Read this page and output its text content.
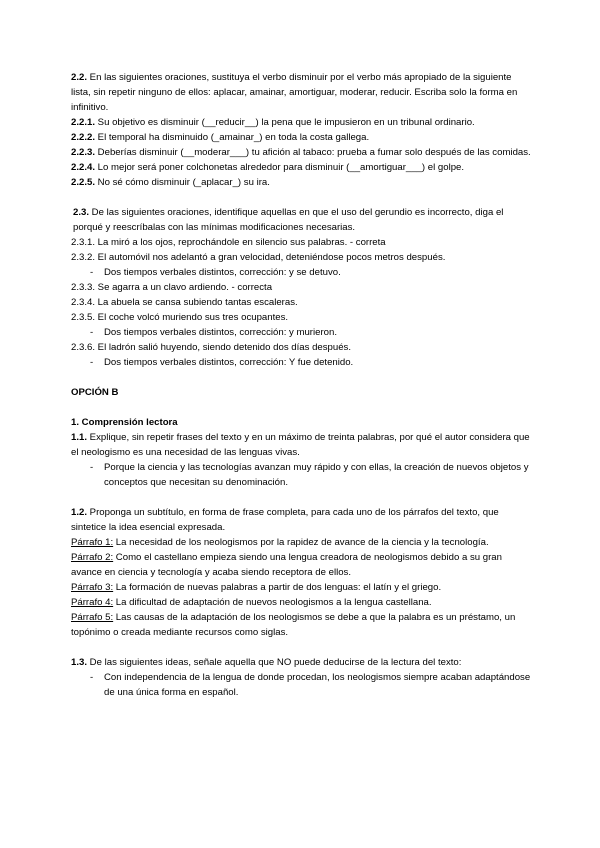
2.2. En las siguientes oraciones, sustituya el verbo disminuir por el verbo más apropiado de la siguiente lista, sin repetir ninguno de ellos: aplacar, amainar, amortiguar, moderar, reducir. Escriba solo la forma en infinitivo.

2.2.1. Su objetivo es disminuir (__reducir__) la pena que le impusieron en un tribunal ordinario.

2.2.2. El temporal ha disminuido (_amainar_) en toda la costa gallega.

2.2.3. Deberías disminuir (__moderar___) tu afición al tabaco: prueba a fumar solo después de las comidas.

2.2.4. Lo mejor será poner colchonetas alrededor para disminuir (__amortiguar___) el golpe.

2.2.5. No sé cómo disminuir (_aplacar_) su ira.

2.3. De las siguientes oraciones, identifique aquellas en que el uso del gerundio es incorrecto, diga el porqué y reescríbalas con las mínimas modificaciones necesarias.

2.3.1. La miró a los ojos, reprochándole en silencio sus palabras. - correta

2.3.2. El automóvil nos adelantó a gran velocidad, deteniéndose pocos metros después.

- Dos tiempos verbales distintos, corrección: y se detuvo.

2.3.3. Se agarra a un clavo ardiendo. - correcta

2.3.4. La abuela se cansa subiendo tantas escaleras.

2.3.5. El coche volcó muriendo sus tres ocupantes.

- Dos tiempos verbales distintos, corrección: y murieron.

2.3.6. El ladrón salió huyendo, siendo detenido dos días después.

- Dos tiempos verbales distintos, corrección: Y fue detenido.

OPCIÓN B

1. Comprensión lectora

1.1. Explique, sin repetir frases del texto y en un máximo de treinta palabras, por qué el autor considera que el neologismo es una necesidad de las lenguas vivas.

- Porque la ciencia y las tecnologías avanzan muy rápido y con ellas, la creación de nuevos objetos y conceptos que necesitan su denominación.

1.2. Proponga un subtítulo, en forma de frase completa, para cada uno de los párrafos del texto, que sintetice la idea esencial expresada.

Párrafo 1: La necesidad de los neologismos por la rapidez de avance de la ciencia y la tecnología.

Párrafo 2: Como el castellano empieza siendo una lengua creadora de neologismos debido a su gran avance en ciencia y tecnología y acaba siendo receptora de ellos.

Párrafo 3: La formación de nuevas palabras a partir de dos lenguas: el latín y el griego.

Párrafo 4: La dificultad de adaptación de nuevos neologismos a la lengua castellana.

Párrafo 5: Las causas de la adaptación de los neologismos se debe a que la palabra es un préstamo, un topónimo o creada mediante recursos como siglas.

1.3. De las siguientes ideas, señale aquella que NO puede deducirse de la lectura del texto:

- Con independencia de la lengua de donde procedan, los neologismos siempre acaban adaptándose de una única forma en español.
